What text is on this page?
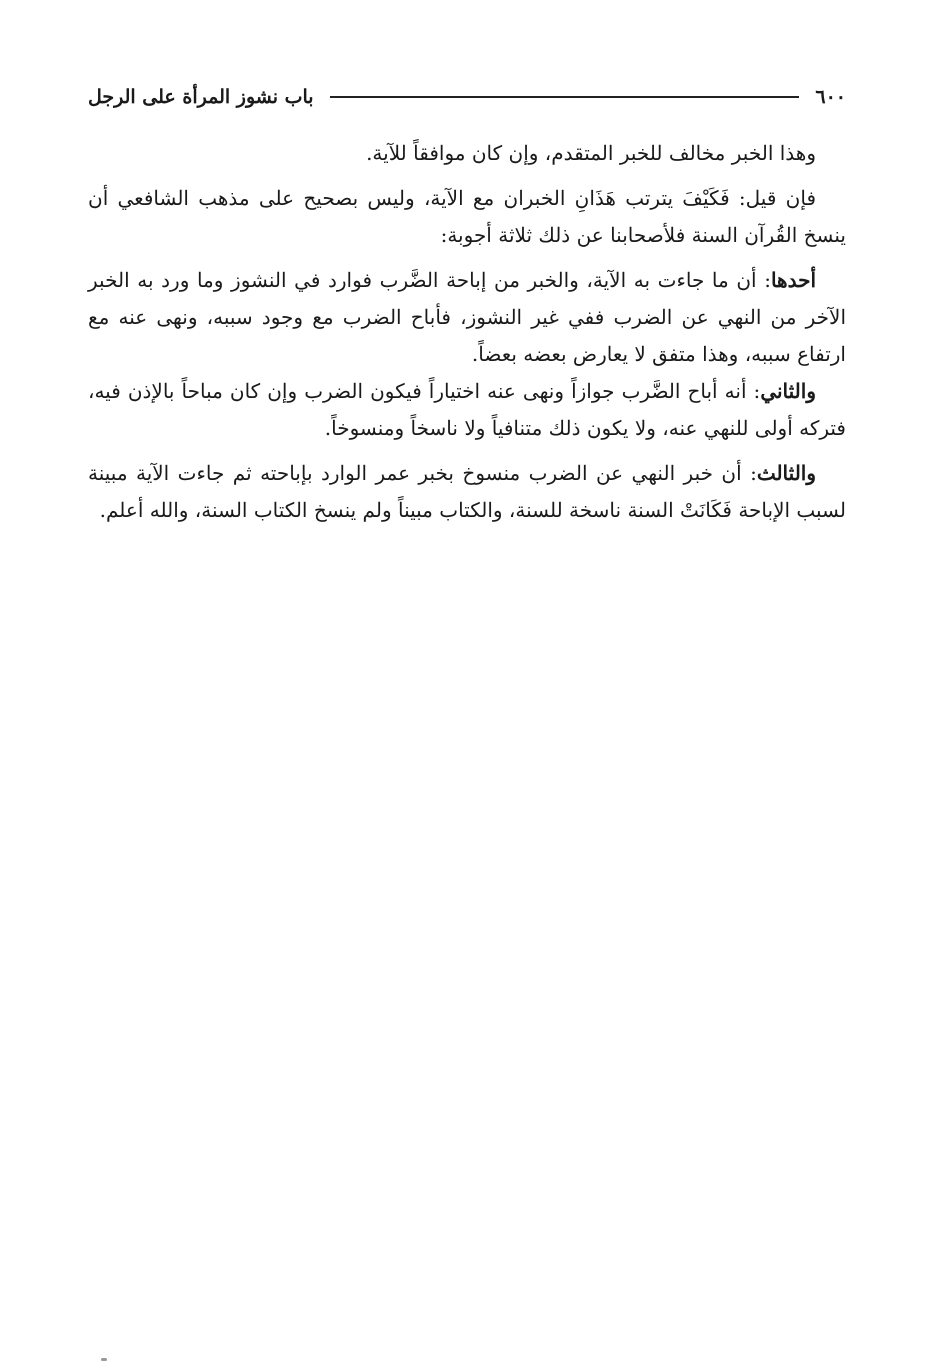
٦٠٠
باب نشوز المرأة على الرجل

وهذا الخبر مخالف للخبر المتقدم، وإن كان موافقاً للآية.

فإن قيل: فَكَيْفَ يترتب هَذَانِ الخبران مع الآية، وليس بصحيح على مذهب الشافعي أن ينسخ القُرآن السنة فلأصحابنا عن ذلك ثلاثة أجوبة:

أحدها: أن ما جاءت به الآية، والخبر من إباحة الضَّرب فوارد في النشوز وما ورد به الخبر الآخر من النهي عن الضرب ففي غير النشوز، فأباح الضرب مع وجود سببه، ونهى عنه مع ارتفاع سببه، وهذا متفق لا يعارض بعضه بعضاً.

والثاني: أنه أباح الضَّرب جوازاً ونهى عنه اختياراً فيكون الضرب وإن كان مباحاً بالإذن فيه، فتركه أولى للنهي عنه، ولا يكون ذلك متنافياً ولا ناسخاً ومنسوخاً.

والثالث: أن خبر النهي عن الضرب منسوخ بخبر عمر الوارد بإباحته ثم جاءت الآية مبينة لسبب الإباحة فَكَانَتْ السنة ناسخة للسنة، والكتاب مبيناً ولم ينسخ الكتاب السنة، والله أعلم.
